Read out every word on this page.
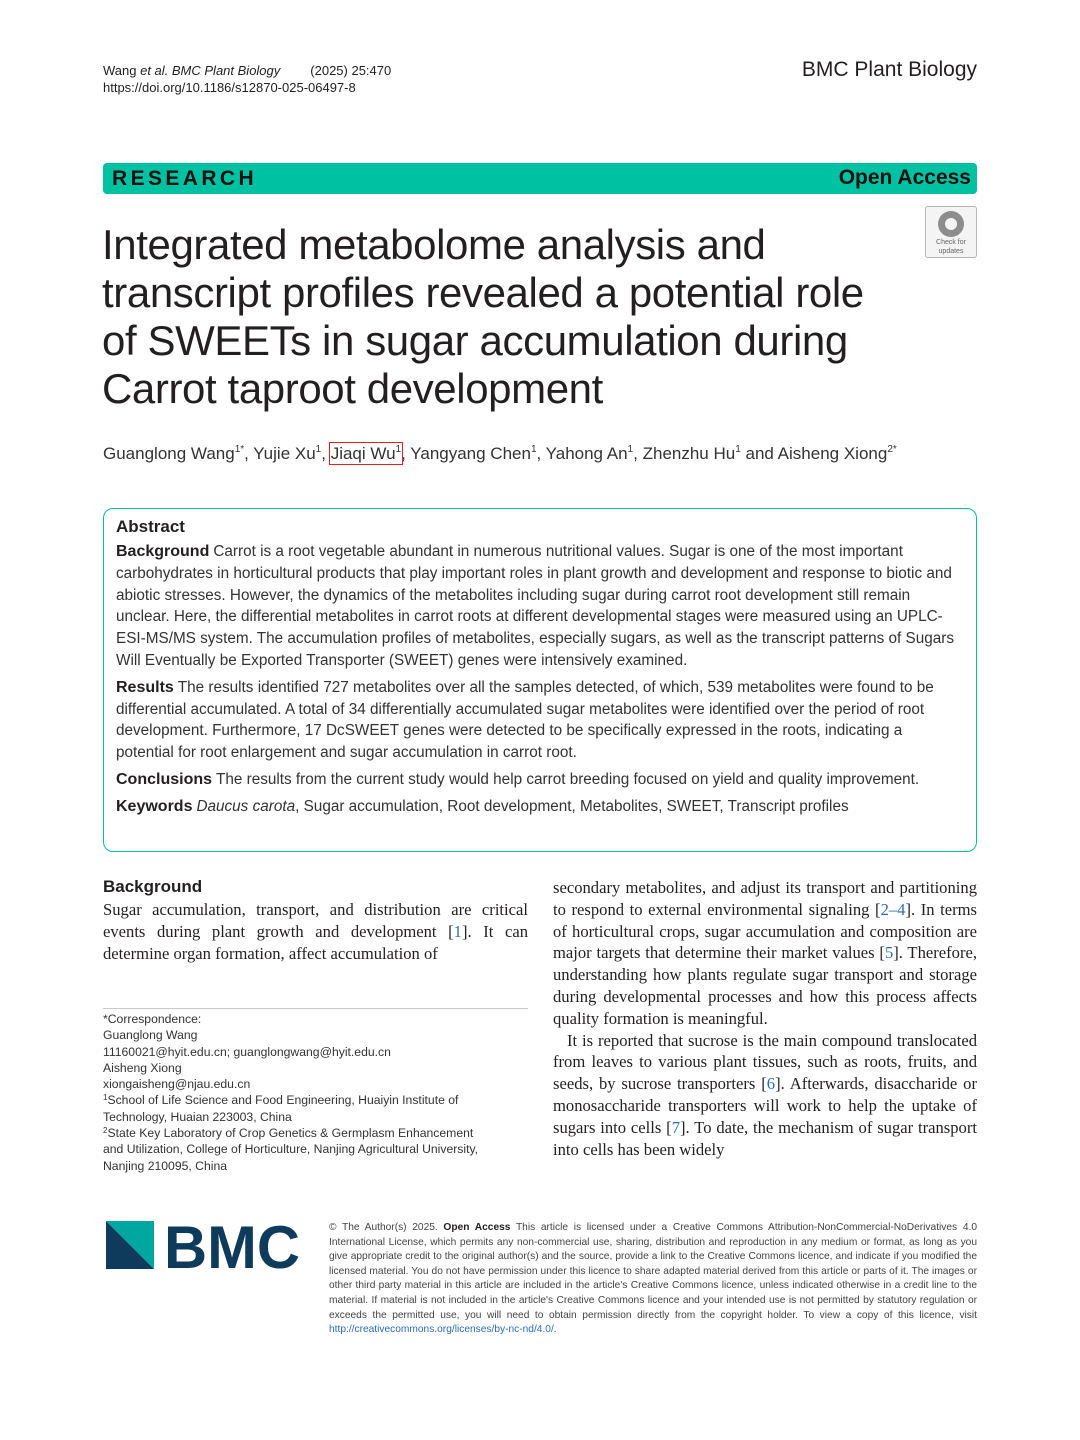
Wang et al. BMC Plant Biology (2025) 25:470
https://doi.org/10.1186/s12870-025-06497-8
BMC Plant Biology
RESEARCH	Open Access
Check for
updates
Integrated metabolome analysis and transcript profiles revealed a potential role of SWEETs in sugar accumulation during Carrot taproot development
Guanglong Wang$^{1*}$, Yujie Xu$^1$, Jiaqi Wu$^1$, Yangyang Chen$^1$, Yahong An$^1$, Zhenzhu Hu$^1$ and Aisheng Xiong$^{2*}$
Abstract

Background Carrot is a root vegetable abundant in numerous nutritional values. Sugar is one of the most important carbohydrates in horticultural products that play important roles in plant growth and development and response to biotic and abiotic stresses. However, the dynamics of the metabolites including sugar during carrot root development still remain unclear. Here, the differential metabolites in carrot roots at different developmental stages were measured using an UPLC-ESI-MS/MS system. The accumulation profiles of metabolites, especially sugars, as well as the transcript patterns of Sugars Will Eventually be Exported Transporter (SWEET) genes were intensively examined.

Results The results identified 727 metabolites over all the samples detected, of which, 539 metabolites were found to be differential accumulated. A total of 34 differentially accumulated sugar metabolites were identified over the period of root development. Furthermore, 17 DcSWEET genes were detected to be specifically expressed in the roots, indicating a potential for root enlargement and sugar accumulation in carrot root.

Conclusions The results from the current study would help carrot breeding focused on yield and quality improvement.

Keywords Daucus carota, Sugar accumulation, Root development, Metabolites, SWEET, Transcript profiles

Background

Sugar accumulation, transport, and distribution are critical events during plant growth and development [1]. It can determine organ formation, affect accumulation of

*Correspondence:
Guanglong Wang
11160021@hyit.edu.cn; guanglongwang@hyit.edu.cn
Aisheng Xiong
xiongaisheng@njau.edu.cn
$^1$School of Life Science and Food Engineering, Huaiyin Institute of
Technology, Huaian 223003, China
$^2$State Key Laboratory of Crop Genetics & Germplasm Enhancement
and Utilization, College of Horticulture, Nanjing Agricultural University,
Nanjing 210095, China

secondary metabolites, and adjust its transport and partitioning to respond to external environmental signaling [2–4]. In terms of horticultural crops, sugar accumulation and composition are major targets that determine their market values [5]. Therefore, understanding how plants regulate sugar transport and storage during developmental processes and how this process affects quality formation is meaningful.

It is reported that sucrose is the main compound translocated from leaves to various plant tissues, such as roots, fruits, and seeds, by sucrose transporters [6]. Afterwards, disaccharide or monosaccharide transporters will work to help the uptake of sugars into cells [7]. To date, the mechanism of sugar transport into cells has been widely

BMC	© The Author(s) 2025. Open Access This article is licensed under a Creative Commons Attribution-NonCommercial-NoDerivatives 4.0 International License, which permits any non-commercial use, sharing, distribution and reproduction in any medium or format, as long as you give appropriate credit to the original author(s) and the source, provide a link to the Creative Commons licence, and indicate if you modified the licensed material. You do not have permission under this licence to share adapted material derived from this article or parts of it. The images or other third party material in this article are included in the article's Creative Commons licence, unless indicated otherwise in a credit line to the material. If material is not included in the article's Creative Commons licence and your intended use is not permitted by statutory regulation or exceeds the permitted use, you will need to obtain permission directly from the copyright holder. To view a copy of this licence, visit http://creativecommons.org/licenses/by-nc-nd/4.0/.
